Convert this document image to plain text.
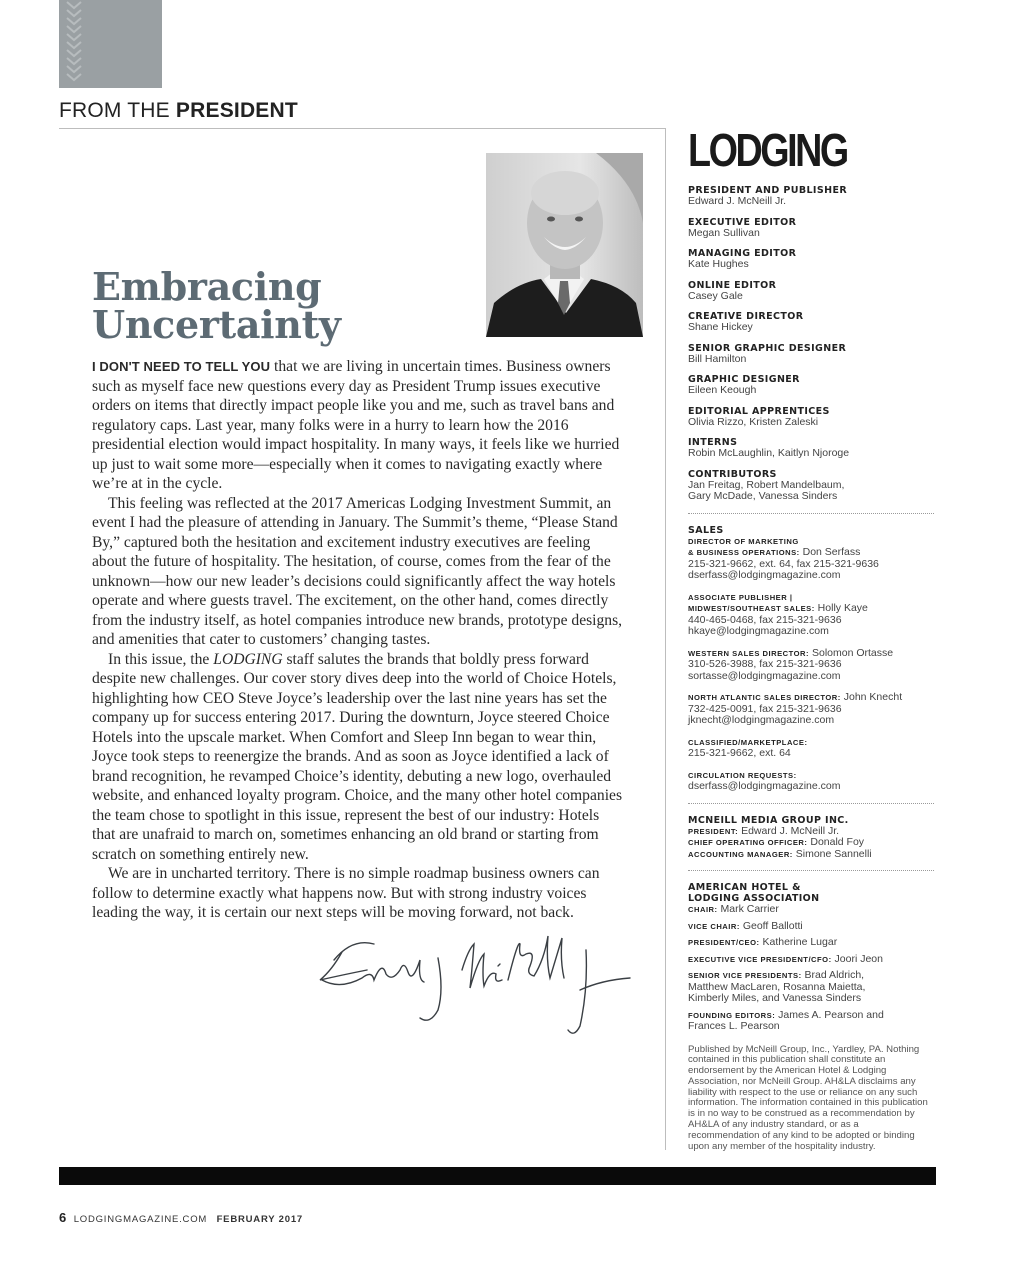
FROM THE PRESIDENT
Embracing
Uncertainty

I DON'T NEED TO TELL YOU that we are living in uncertain times. Business owners such as myself face new questions every day as President Trump issues executive orders on items that directly impact people like you and me, such as travel bans and regulatory caps. Last year, many folks were in a hurry to learn how the 2016 presidential election would impact hospitality. In many ways, it feels like we hurried up just to wait some more—especially when it comes to navigating exactly where we’re at in the cycle.

This feeling was reflected at the 2017 Americas Lodging Investment Summit, an event I had the pleasure of attending in January. The Summit’s theme, “Please Stand By,” captured both the hesitation and excitement industry executives are feeling about the future of hospitality. The hesitation, of course, comes from the fear of the unknown—how our new leader’s decisions could significantly affect the way hotels operate and where guests travel. The excitement, on the other hand, comes directly from the industry itself, as hotel companies introduce new brands, prototype designs, and amenities that cater to customers’ changing tastes.

In this issue, the LODGING staff salutes the brands that boldly press forward despite new challenges. Our cover story dives deep into the world of Choice Hotels, highlighting how CEO Steve Joyce’s leadership over the last nine years has set the company up for success entering 2017. During the downturn, Joyce steered Choice Hotels into the upscale market. When Comfort and Sleep Inn began to wear thin, Joyce took steps to reenergize the brands. And as soon as Joyce identified a lack of brand recognition, he revamped Choice’s identity, debuting a new logo, overhauled website, and enhanced loyalty program. Choice, and the many other hotel companies the team chose to spotlight in this issue, represent the best of our industry: Hotels that are unafraid to march on, sometimes enhancing an old brand or starting from scratch on something entirely new.

We are in uncharted territory. There is no simple roadmap business owners can follow to determine exactly what happens now. But with strong industry voices leading the way, it is certain our next steps will be moving forward, not back.

LODGING
PRESIDENT AND PUBLISHER
Edward J. McNeill Jr.
EXECUTIVE EDITOR
Megan Sullivan
MANAGING EDITOR
Kate Hughes
ONLINE EDITOR
Casey Gale
CREATIVE DIRECTOR
Shane Hickey
SENIOR GRAPHIC DESIGNER
Bill Hamilton
GRAPHIC DESIGNER
Eileen Keough
EDITORIAL APPRENTICES
Olivia Rizzo, Kristen Zaleski
INTERNS
Robin McLaughlin, Kaitlyn Njoroge
CONTRIBUTORS
Jan Freitag, Robert Mandelbaum,
Gary McDade, Vanessa Sinders
SALES
DIRECTOR OF MARKETING
& BUSINESS OPERATIONS: Don Serfass
215-321-9662, ext. 64, fax 215-321-9636
dserfass@lodgingmagazine.com
ASSOCIATE PUBLISHER |
MIDWEST/SOUTHEAST SALES: Holly Kaye
440-465-0468, fax 215-321-9636
hkaye@lodgingmagazine.com
WESTERN SALES DIRECTOR: Solomon Ortasse
310-526-3988, fax 215-321-9636
sortasse@lodgingmagazine.com
NORTH ATLANTIC SALES DIRECTOR: John Knecht
732-425-0091, fax 215-321-9636
jknecht@lodgingmagazine.com
CLASSIFIED/MARKETPLACE:
215-321-9662, ext. 64
CIRCULATION REQUESTS:
dserfass@lodgingmagazine.com
MCNEILL MEDIA GROUP INC.
PRESIDENT: Edward J. McNeill Jr.
CHIEF OPERATING OFFICER: Donald Foy
ACCOUNTING MANAGER: Simone Sannelli
AMERICAN HOTEL &
LODGING ASSOCIATION
CHAIR: Mark Carrier
VICE CHAIR: Geoff Ballotti
PRESIDENT/CEO: Katherine Lugar
EXECUTIVE VICE PRESIDENT/CFO: Joori Jeon
SENIOR VICE PRESIDENTS: Brad Aldrich,
Matthew MacLaren, Rosanna Maietta,
Kimberly Miles, and Vanessa Sinders
FOUNDING EDITORS: James A. Pearson and
Frances L. Pearson
Published by McNeill Group, Inc., Yardley, PA. Nothing contained in this publication shall constitute an endorsement by the American Hotel & Lodging Association, nor McNeill Group. AH&LA disclaims any liability with respect to the use or reliance on any such information. The information contained in this publication is in no way to be construed as a recommendation by AH&LA of any industry standard, or as a recommendation of any kind to be adopted or binding upon any member of the hospitality industry.
6 LODGINGMAGAZINE.COM FEBRUARY 2017
